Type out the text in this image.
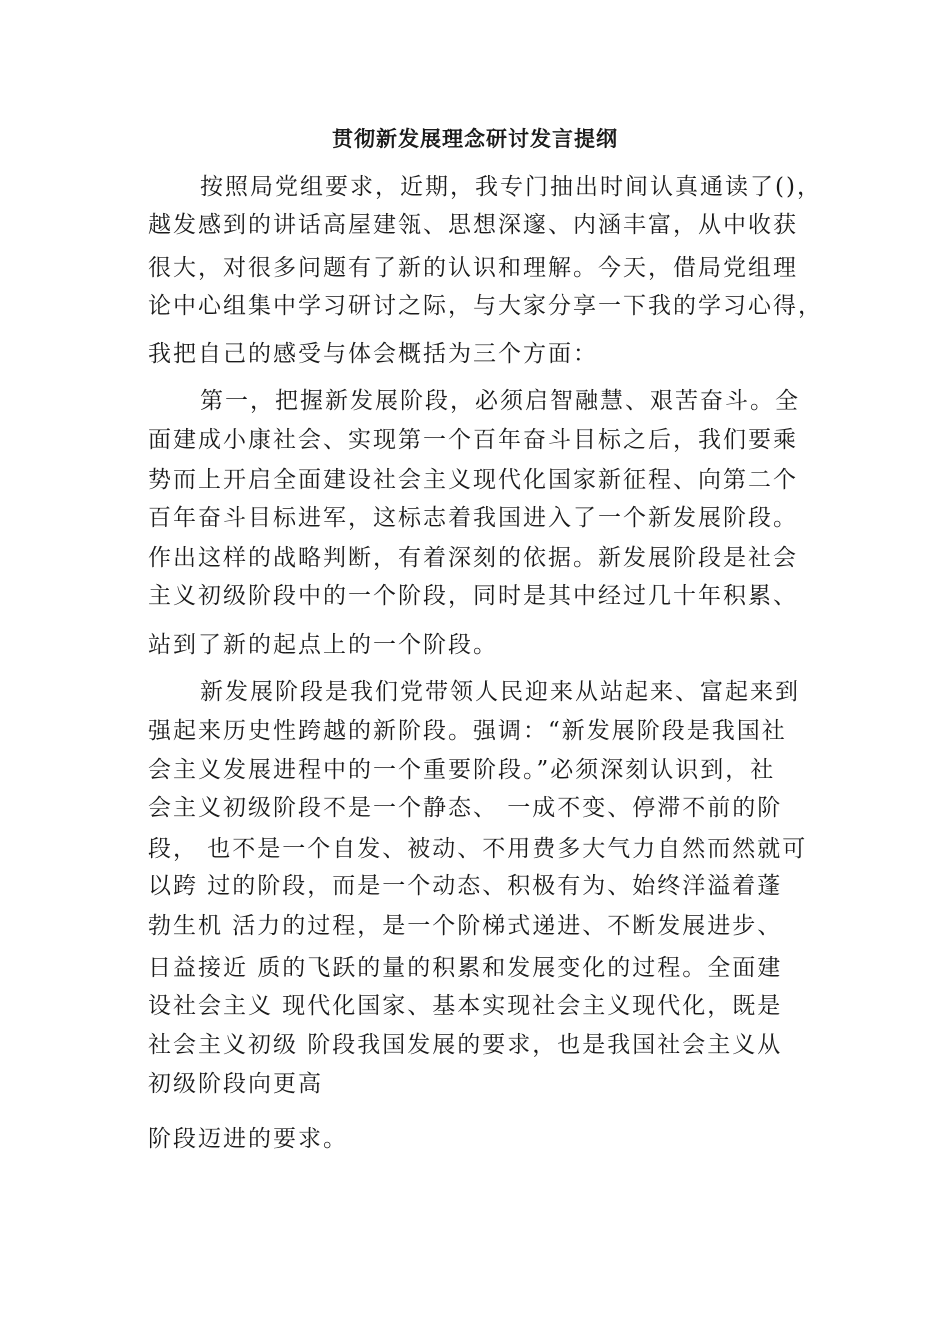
贯彻新发展理念研讨发言提纲
按照局党组要求，近期，我专门抽出时间认真通读了()，
越发感到的讲话高屋建瓴、思想深邃、内涵丰富，从中收获
很大，对很多问题有了新的认识和理解。今天，借局党组理
论中心组集中学习研讨之际，与大家分享一下我的学习心得，
我把自己的感受与体会概括为三个方面：
第一，把握新发展阶段，必须启智融慧、艰苦奋斗。全
面建成小康社会、实现第一个百年奋斗目标之后，我们要乘
势而上开启全面建设社会主义现代化国家新征程、向第二个
百年奋斗目标进军，这标志着我国进入了一个新发展阶段。
作出这样的战略判断，有着深刻的依据。新发展阶段是社会
主义初级阶段中的一个阶段，同时是其中经过几十年积累、
站到了新的起点上的一个阶段。
新发展阶段是我们党带领人民迎来从站起来、富起来到
强起来历史性跨越的新阶段。强调：“新发展阶段是我国社
会主义发展进程中的一个重要阶段。”必须深刻认识到，社
会主义初级阶段不是一个静态、 一成不变、停滞不前的阶
段， 也不是一个自发、被动、不用费多大气力自然而然就可
以跨 过的阶段，而是一个动态、积极有为、始终洋溢着蓬
勃生机 活力的过程，是一个阶梯式递进、不断发展进步、
日益接近 质的飞跃的量的积累和发展变化的过程。全面建
设社会主义 现代化国家、基本实现社会主义现代化，既是
社会主义初级 阶段我国发展的要求，也是我国社会主义从
初级阶段向更高
阶段迈进的要求。
